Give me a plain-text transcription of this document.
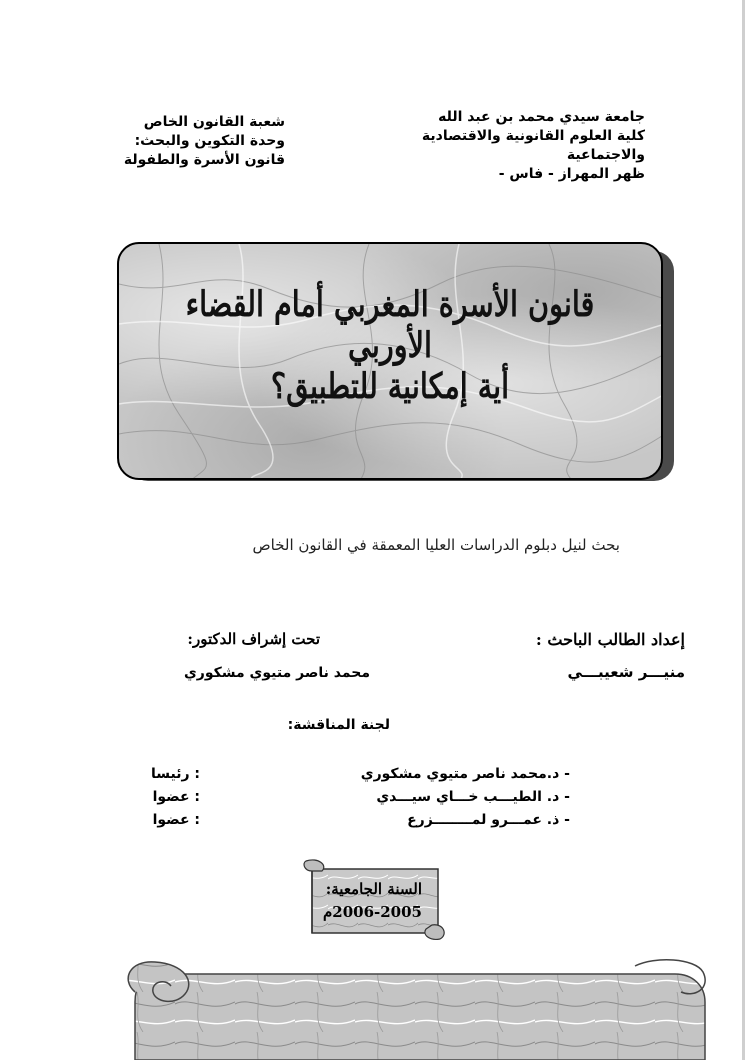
جامعة سيدي محمد بن عبد الله
كلية العلوم القانونية والاقتصادية
والاجتماعية
ظهر المهراز - فاس -
شعبة القانون الخاص
وحدة التكوين والبحث:
قانون الأسرة والطفولة
قانون الأسرة المغربي أمام القضاء الأوربي
أية إمكانية للتطبيق؟
بحث لنيل دبلوم الدراسات العليا المعمقة في القانون الخاص
إعداد الطالب الباحث :
تحت إشراف الدكتور:
منيـــر شعيبـــي
محمد ناصر متيوي مشكوري
لجنة المناقشة:
- د.محمد ناصر متيوي مشكوري
: رئيسا
- د. الطيـــب خـــاي سيـــدي
: عضوا
- ذ. عمـــرو لمــــــــزرع
: عضوا
السنة الجامعية:
2006-2005م
